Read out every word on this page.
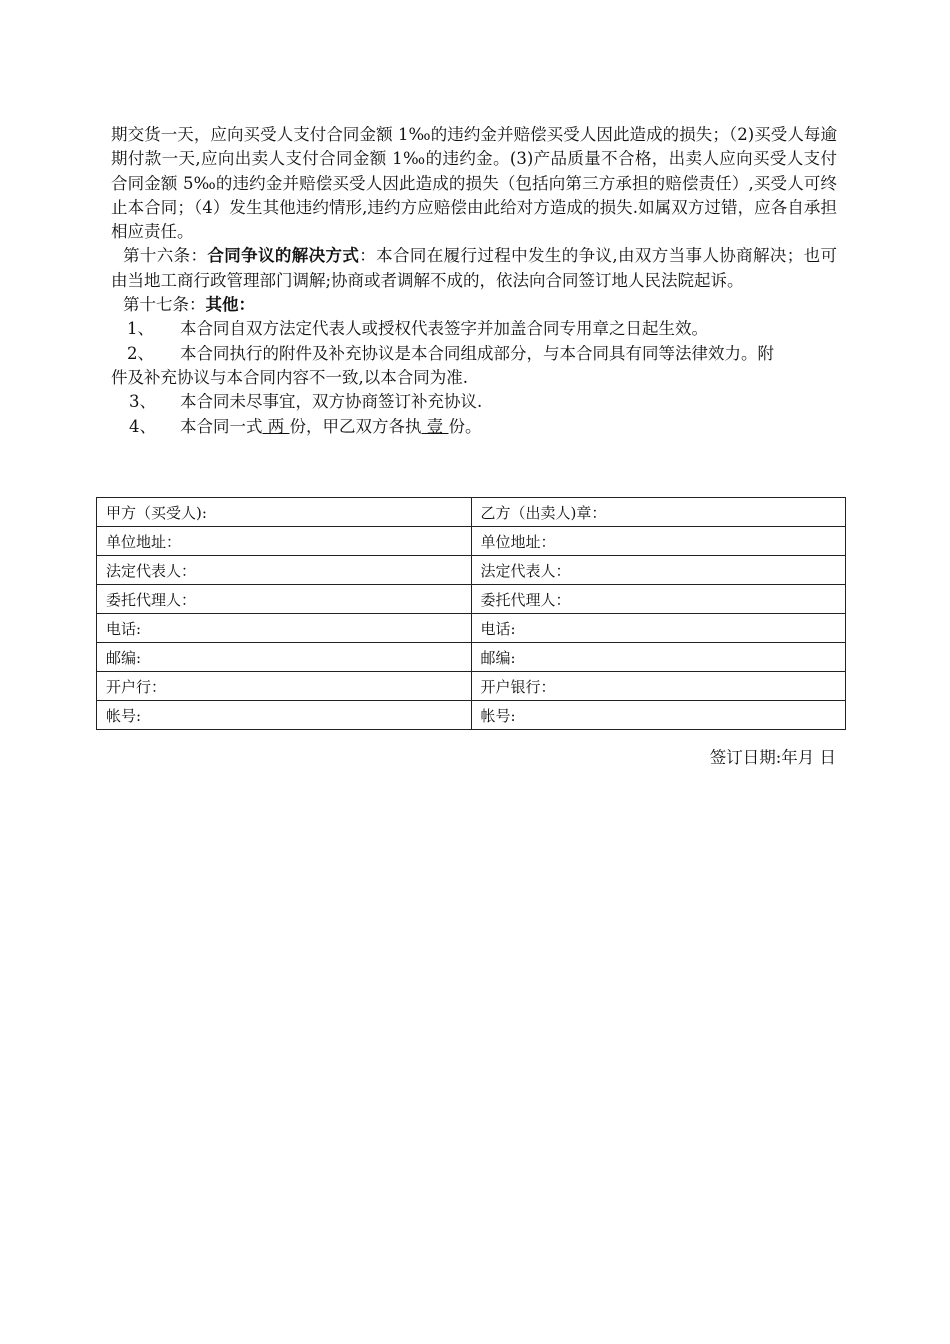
期交货一天，应向买受人支付合同金额 1‰的违约金并赔偿买受人因此造成的损失；（2)买受人每逾期付款一天,应向出卖人支付合同金额 1‰的违约金。(3)产品质量不合格，出卖人应向买受人支付合同金额 5‰的违约金并赔偿买受人因此造成的损失（包括向第三方承担的赔偿责任）,买受人可终止本合同；（4）发生其他违约情形,违约方应赔偿由此给对方造成的损失.如属双方过错，应各自承担相应责任。

第十六条：合同争议的解决方式：本合同在履行过程中发生的争议,由双方当事人协商解决；也可由当地工商行政管理部门调解;协商或者调解不成的，依法向合同签订地人民法院起诉。

第十七条：其他：

1、 本合同自双方法定代表人或授权代表签字并加盖合同专用章之日起生效。

2、 本合同执行的附件及补充协议是本合同组成部分，与本合同具有同等法律效力。附

件及补充协议与本合同内容不一致,以本合同为准.

3、 本合同未尽事宜，双方协商签订补充协议.

4、 本合同一式 两 份，甲乙双方各执 壹 份。

甲方（买受人):	乙方（出卖人)章：
单位地址：	单位地址：
法定代表人：	法定代表人：
委托代理人：	委托代理人：
电话:	电话:
邮编:	邮编:
开户行：	开户银行：
帐号:	帐号:
签订日期:年月 日
